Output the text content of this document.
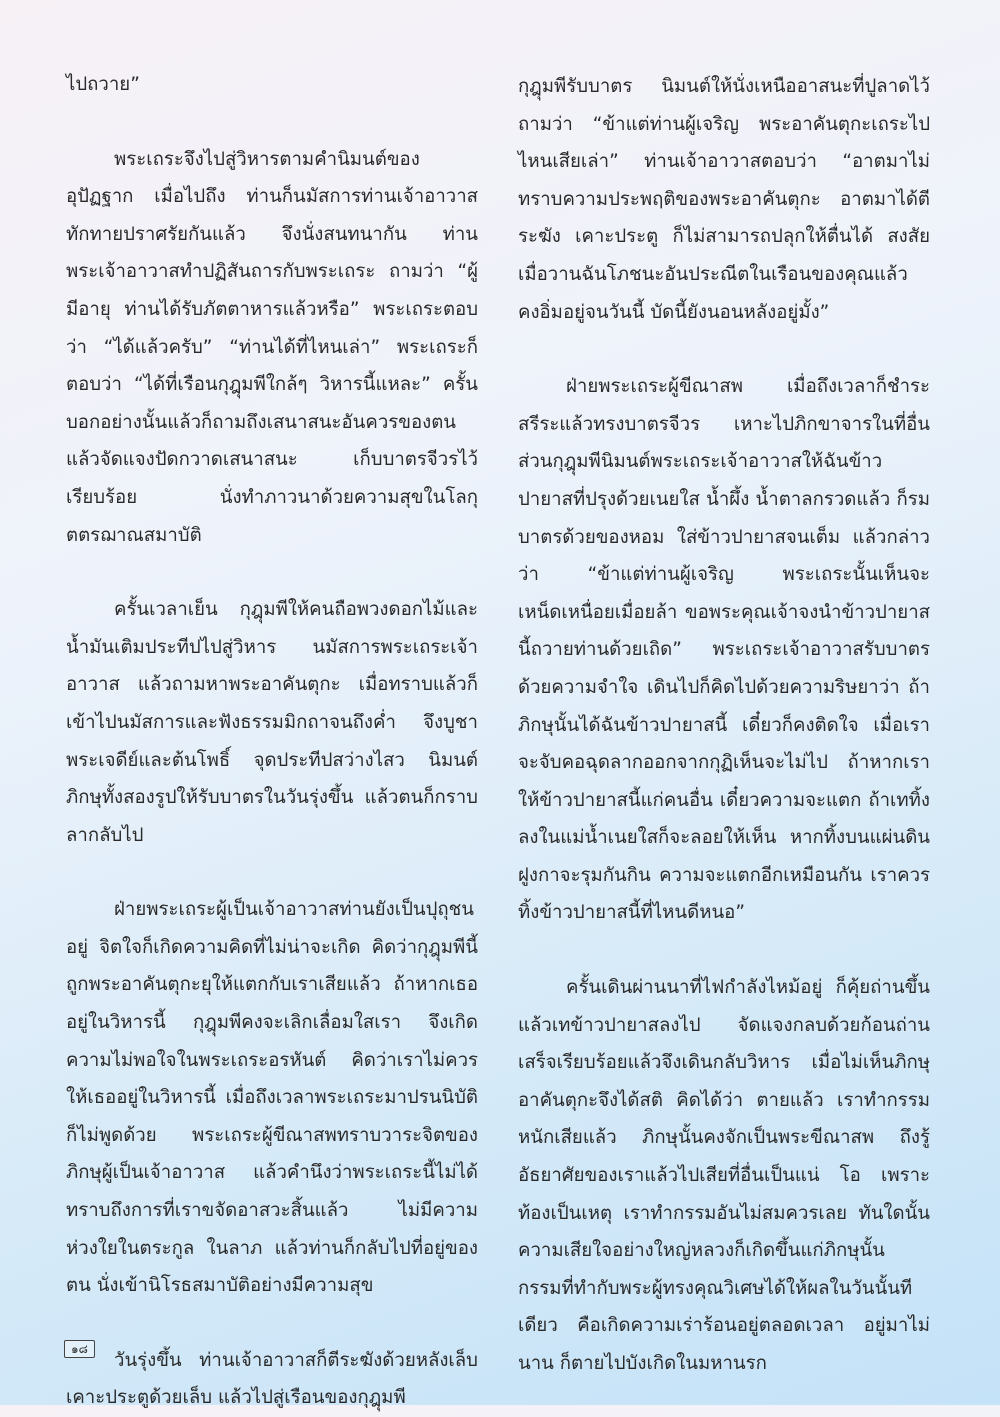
ไปถวาย”

พระเถระจึงไปสู่วิหารตามคำนิมนต์ของอุปัฏฐาก เมื่อไปถึง ท่านก็นมัสการท่านเจ้าอาวาส ทักทายปราศรัยกันแล้ว จึงนั่งสนทนากัน ท่านพระเจ้าอาวาสทำปฏิสันถารกับพระเถระ ถามว่า “ผู้มีอายุ ท่านได้รับภัตตาหารแล้วหรือ” พระเถระตอบว่า “ได้แล้วครับ” “ท่านได้ที่ไหนเล่า” พระเถระก็ตอบว่า “ได้ที่เรือนกุฎุมพีใกล้ๆ วิหารนี้แหละ” ครั้นบอกอย่างนั้นแล้วก็ถามถึงเสนาสนะอันควรของตน แล้วจัดแจงปัดกวาดเสนาสนะ เก็บบาตรจีวรไว้เรียบร้อย นั่งทำภาวนาด้วยความสุขในโลกุตตรฌาณสมาบัติ

ครั้นเวลาเย็น กุฎุมพีให้คนถือพวงดอกไม้และน้ำมันเติมประทีปไปสู่วิหาร นมัสการพระเถระเจ้าอาวาส แล้วถามหาพระอาคันตุกะ เมื่อทราบแล้วก็เข้าไปนมัสการและฟังธรรมมิกถาจนถึงค่ำ จึงบูชาพระเจดีย์และต้นโพธิ์ จุดประทีปสว่างไสว นิมนต์ภิกษุทั้งสองรูปให้รับบาตรในวันรุ่งขึ้น แล้วตนก็กราบลากลับไป

ฝ่ายพระเถระผู้เป็นเจ้าอาวาสท่านยังเป็นปุถุชนอยู่ จิตใจก็เกิดความคิดที่ไม่น่าจะเกิด คิดว่ากุฎุมพีนี้ถูกพระอาคันตุกะยุให้แตกกับเราเสียแล้ว ถ้าหากเธออยู่ในวิหารนี้ กุฎุมพีคงจะเลิกเลื่อมใสเรา จึงเกิดความไม่พอใจในพระเถระอรหันต์ คิดว่าเราไม่ควรให้เธออยู่ในวิหารนี้ เมื่อถึงเวลาพระเถระมาปรนนิบัติก็ไม่พูดด้วย พระเถระผู้ขีณาสพทราบวาระจิตของภิกษุผู้เป็นเจ้าอาวาส แล้วคำนึงว่าพระเถระนี้ไม่ได้ทราบถึงการที่เราขจัดอาสวะสิ้นแล้ว ไม่มีความห่วงใยในตระกูล ในลาภ แล้วท่านก็กลับไปที่อยู่ของตน นั่งเข้านิโรธสมาบัติอย่างมีความสุข

วันรุ่งขึ้น ท่านเจ้าอาวาสก็ตีระฆังด้วยหลังเล็บเคาะประตูด้วยเล็บ แล้วไปสู่เรือนของกุฎุมพี

กุฎุมพีรับบาตร นิมนต์ให้นั่งเหนืออาสนะที่ปูลาดไว้ ถามว่า “ข้าแต่ท่านผู้เจริญ พระอาคันตุกะเถระไปไหนเสียเล่า” ท่านเจ้าอาวาสตอบว่า “อาตมาไม่ทราบความประพฤติของพระอาคันตุกะ อาตมาได้ตีระฆัง เคาะประตู ก็ไม่สามารถปลุกให้ตื่นได้ สงสัยเมื่อวานฉันโภชนะอันประณีตในเรือนของคุณแล้ว คงอิ่มอยู่จนวันนี้ บัดนี้ยังนอนหลังอยู่มั้ง”

ฝ่ายพระเถระผู้ขีณาสพ เมื่อถึงเวลาก็ชำระสรีระแล้วทรงบาตรจีวร เหาะไปภิกขาจารในที่อื่น ส่วนกุฎุมพีนิมนต์พระเถระเจ้าอาวาสให้ฉันข้าวปายาสที่ปรุงด้วยเนยใส น้ำผึ้ง น้ำตาลกรวดแล้ว ก็รมบาตรด้วยของหอม ใส่ข้าวปายาสจนเต็ม แล้วกล่าวว่า “ข้าแต่ท่านผู้เจริญ พระเถระนั้นเห็นจะเหน็ดเหนื่อยเมื่อยล้า ขอพระคุณเจ้าจงนำข้าวปายาสนี้ถวายท่านด้วยเถิด” พระเถระเจ้าอาวาสรับบาตรด้วยความจำใจ เดินไปก็คิดไปด้วยความริษยาว่า ถ้าภิกษุนั้นได้ฉันข้าวปายาสนี้ เดี๋ยวก็คงติดใจ เมื่อเราจะจับคอฉุดลากออกจากกุฏิเห็นจะไม่ไป ถ้าหากเราให้ข้าวปายาสนี้แก่คนอื่น เดี๋ยวความจะแตก ถ้าเททิ้งลงในแม่น้ำเนยใสก็จะลอยให้เห็น หากทิ้งบนแผ่นดิน ฝูงกาจะรุมกันกิน ความจะแตกอีกเหมือนกัน เราควรทิ้งข้าวปายาสนี้ที่ไหนดีหนอ”

ครั้นเดินผ่านนาที่ไฟกำลังไหม้อยู่ ก็คุ้ยถ่านขึ้น แล้วเทข้าวปายาสลงไป จัดแจงกลบด้วยก้อนถ่านเสร็จเรียบร้อยแล้วจึงเดินกลับวิหาร เมื่อไม่เห็นภิกษุอาคันตุกะจึงได้สติ คิดได้ว่า ตายแล้ว เราทำกรรมหนักเสียแล้ว ภิกษุนั้นคงจักเป็นพระขีณาสพ ถึงรู้อัธยาศัยของเราแล้วไปเสียที่อื่นเป็นแน่ โอ เพราะท้องเป็นเหตุ เราทำกรรมอันไม่สมควรเลย ทันใดนั้นความเสียใจอย่างใหญ่หลวงก็เกิดขึ้นแก่ภิกษุนั้น กรรมที่ทำกับพระผู้ทรงคุณวิเศษได้ให้ผลในวันนั้นทีเดียว คือเกิดความเร่าร้อนอยู่ตลอดเวลา อยู่มาไม่นาน ก็ตายไปบังเกิดในมหานรก

๑๘
